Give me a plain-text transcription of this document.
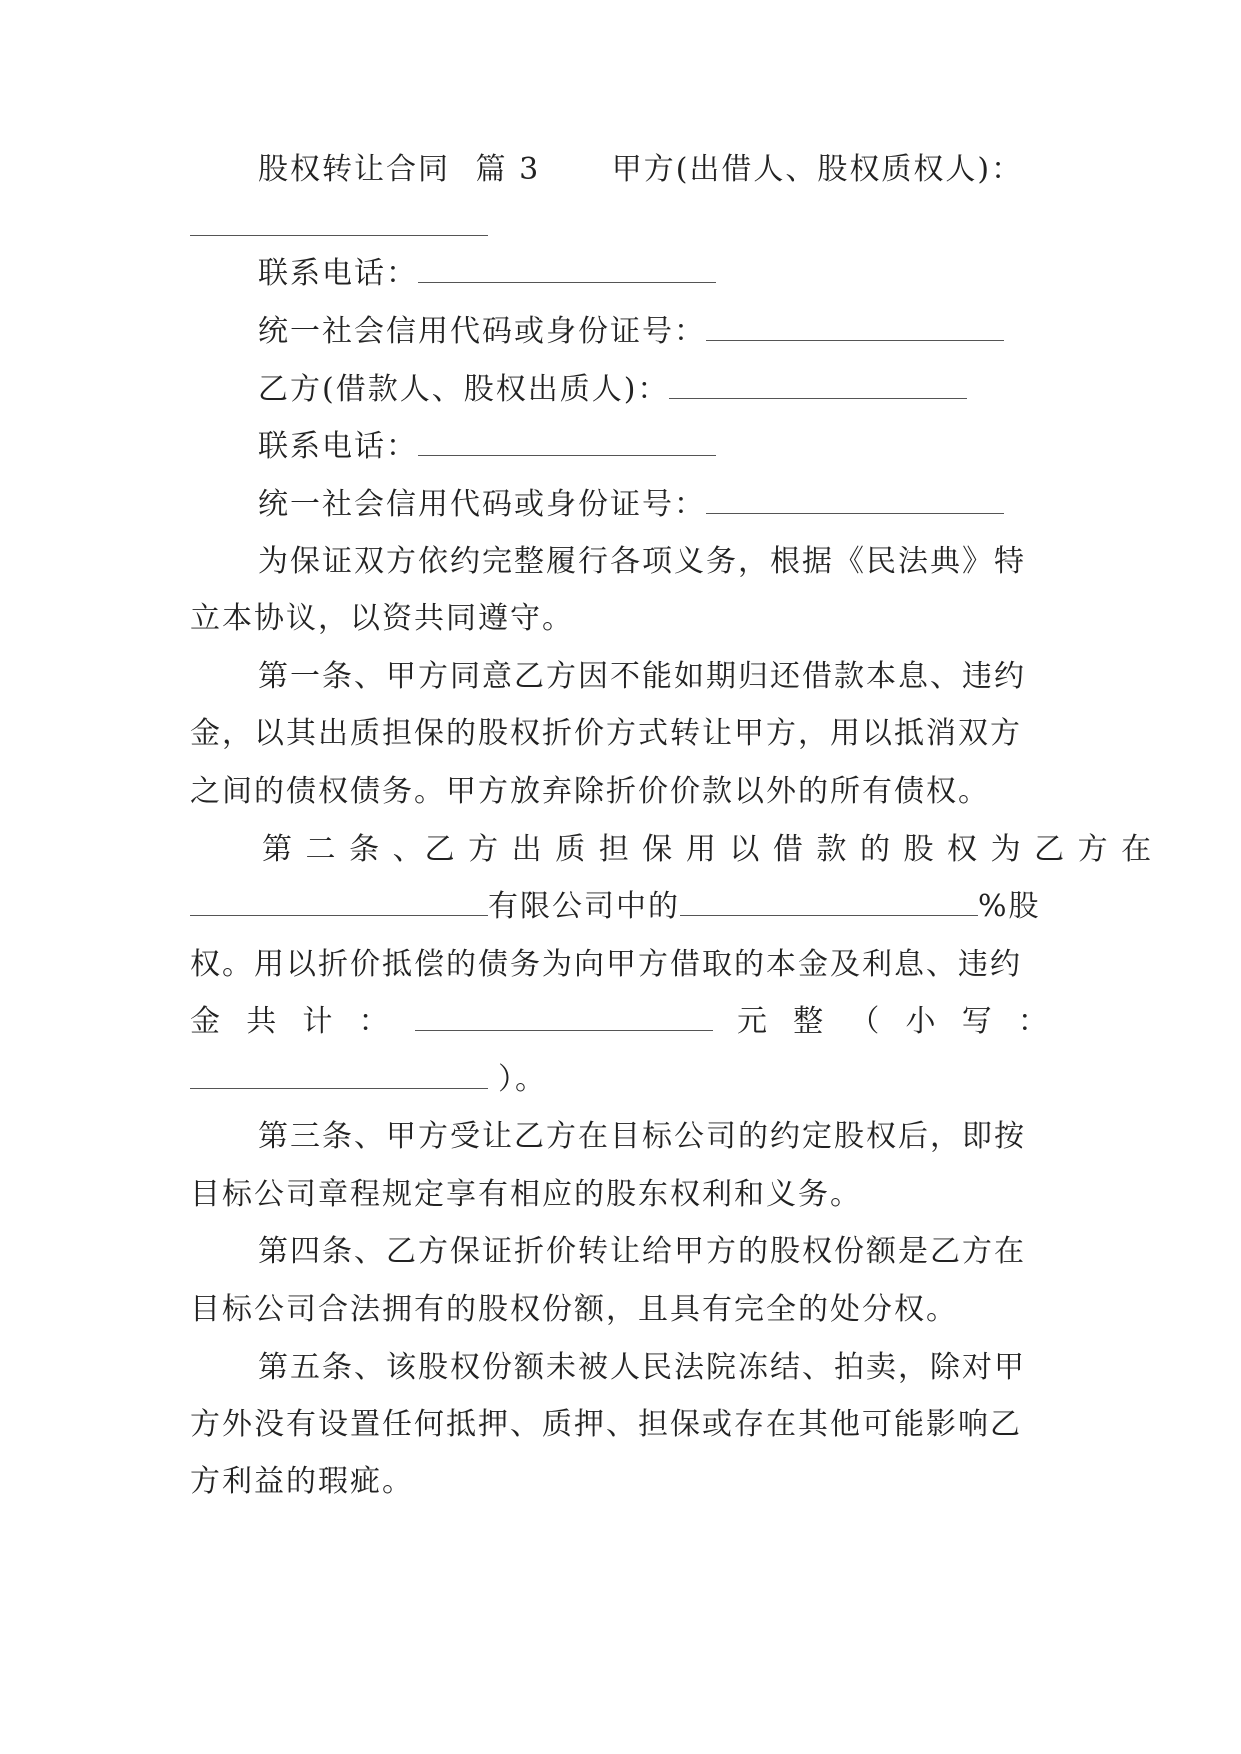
股权转让合同 篇 3 甲方(出借人、股权质权人)：
联系电话：
统一社会信用代码或身份证号：
乙方(借款人、股权出质人)：
联系电话：
统一社会信用代码或身份证号：
为保证双方依约完整履行各项义务，根据《民法典》特
立本协议，以资共同遵守。
第一条、甲方同意乙方因不能如期归还借款本息、违约
金，以其出质担保的股权折价方式转让甲方，用以抵消双方
之间的债权债务。甲方放弃除折价价款以外的所有债权。
第 二 条 、乙 方 出 质 担 保 用 以 借 款 的 股 权 为 乙 方 在
有限公司中的	%股
权。用以折价抵偿的债务为向甲方借取的本金及利息、违约
金 共 计 ：	元 整 （ 小 写 ：
）。
第三条、甲方受让乙方在目标公司的约定股权后，即按
目标公司章程规定享有相应的股东权利和义务。
第四条、乙方保证折价转让给甲方的股权份额是乙方在
目标公司合法拥有的股权份额，且具有完全的处分权。
第五条、该股权份额未被人民法院冻结、拍卖，除对甲
方外没有设置任何抵押、质押、担保或存在其他可能影响乙
方利益的瑕疵。
